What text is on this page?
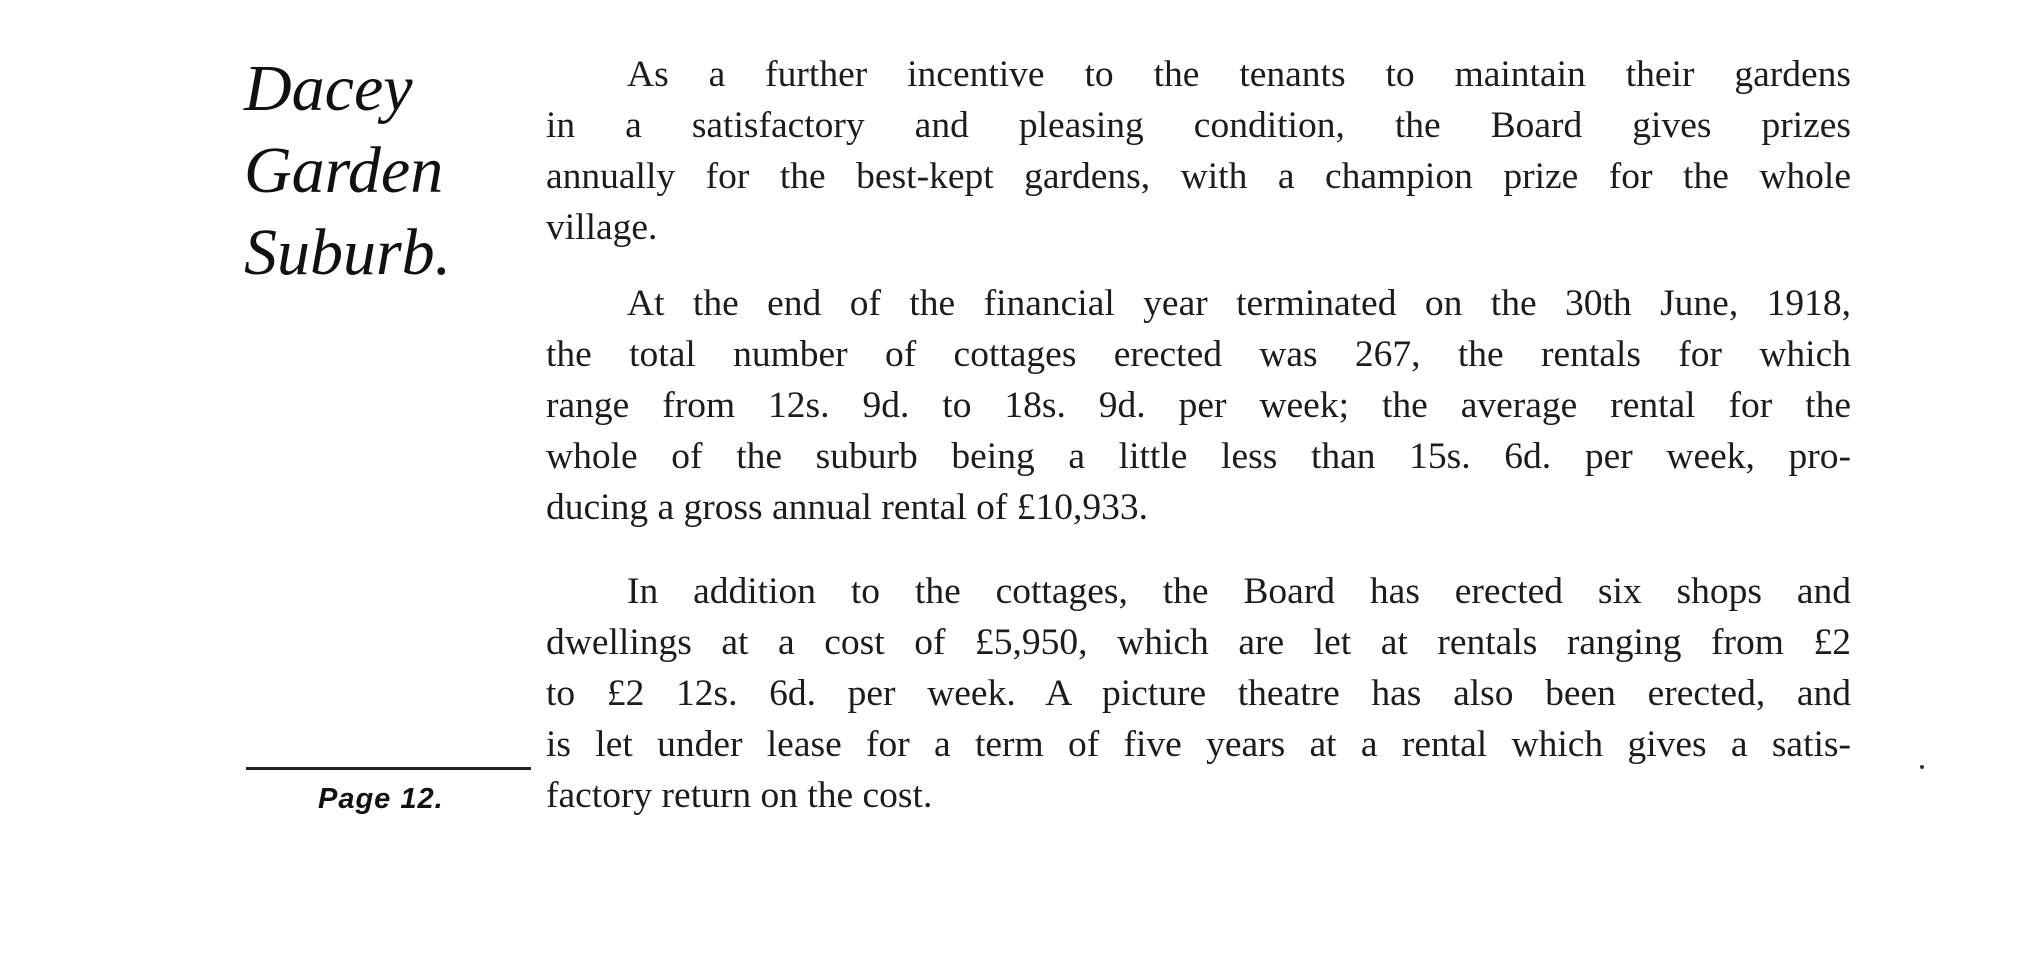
Dacey
Garden
Suburb.
Page 12.

As a further incentive to the tenants to maintain their gardens
in a satisfactory and pleasing condition, the Board gives prizes
annually for the best-kept gardens, with a champion prize for the whole
village.

At the end of the financial year terminated on the 30th June, 1918,
the total number of cottages erected was 267, the rentals for which
range from 12s. 9d. to 18s. 9d. per week; the average rental for the
whole of the suburb being a little less than 15s. 6d. per week, pro-
ducing a gross annual rental of £10,933.

In addition to the cottages, the Board has erected six shops and
dwellings at a cost of £5,950, which are let at rentals ranging from £2
to £2 12s. 6d. per week. A picture theatre has also been erected, and
is let under lease for a term of five years at a rental which gives a satis-
factory return on the cost.
